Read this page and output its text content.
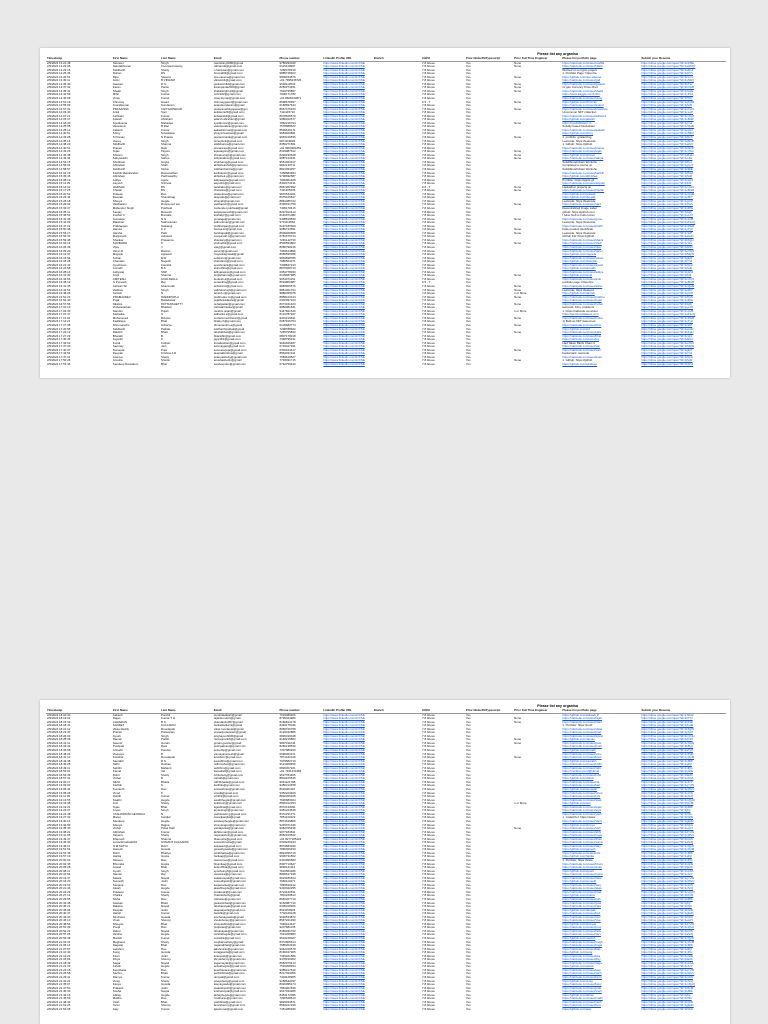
Please list any organisa
Timestamp	First Name	Last Name	Email	Phone number	LinkedIn Profile URL	Branch	CGPA	Prior Node/JS/Typescript	Prior Full Time Engineer	Please list portfolio page	Submit your Resume
2/9/2024 13:21:48	Navneet	Singh	navsdsingh080@gmail	9780290040	https://www.linkedin.com/in/CSE		7.8 Above	Yes	None	https://naticode.com/user/navNE	https://drive.google.com/open?id=1CDBe
2/9/2024 13:22:06	Nandakhumar	Koonpannasamy	nikinanda@gmail.com	6115419987	https://www.linkedin.com/in/CSE		7.8 Above	Yes	None	https://naticode.com/user/Nikhil	https://drive.google.com/open?id=1aH5Qz
2/9/2024 13:23:15	Siddharth	Shetty	n.hanswan@gmail.com	7268478319	https://www.linkedin.com/in/CSE		7.8 Above	Yes		Worked on a crypto project	https://drive.google.com/open?id=1eRoF
2/9/2024 13:25:36	Rohan	RS	hrsonal93@gmail.com	9885748403	https://www.linkedin.com/in/CSE		7.8 Above	Yes		1. Portfolio Page: https://ta	https://drive.google.com/open?id=1dX7v
2/9/2024 13:26:51	Ripe	Saxena	ripe.saxena@gmail.com	9806154876	https://www.linkedin.com/in/CSE		7.8 Above	Yes	None	https://github.com/ripe.saxena	https://drive.google.com/open?id=1hLmc
2/9/2024 13:30:11	GALI	B VIKRAM	vikramb4@gmail.com	+91 7995236726	https://www.linkedin.com/in/CSE		7.8 Above	Yes		https://naticode.com/user/gali	https://drive.google.com/open?id=1sNbQ
2/9/2024 13:36:40	Gautam	R.S	gautamrs84@gmail.com	9618113633	https://www.linkedin.com/in/CSE		7.8 Above	Yes	None	https://naticode.com/user/gautam	https://drive.google.com/open?id=1kTxz
2/9/2024 13:37:32	Karan	Panta	karanpanta2000@gmail	8250373451	https://www.linkedin.com/in/CSE		7.8 Above	Yes	None	Crypto Currency Price Pred	https://drive.google.com/open?id=1bVwD
2/9/2024 13:39:32	Shakti	Singh	shaktisingh123@gmail	7619735857	https://www.linkedin.com/in/CSE		7.8 Above	Yes	None	https://naticode.com/user/shakti	https://drive.google.com/open?id=1rGqE
2/9/2024 13:42:59	Mihir	Kumar	mihirk22@gmail.com	7006171782	https://www.linkedin.com/in/CSE		7.8 Above	Yes		https://www.kaggle.com/mihir	https://drive.google.com/open?id=1yPzA
2/9/2024 13:46:08	Vinay	Kumar	vinay.kumar@gmail.com	+91 8608134871	https://www.linkedin.com/in/CSE		7.8 Above	Yes		https://naticode.com/user/vinay	https://drive.google.com/open?id=1fWtY
2/9/2024 13:51:19	Chinmay	Gaurd	chinmaygaurd@gmail.com	8098678357	https://www.linkedin.com/in/CSE		6.5 - 7	Yes	None	https://github.com/chinmay	https://drive.google.com/open?id=1qKdM
2/9/2024 13:55:03	Anandkumar	Sundaram	anandsundaram@gmail	6168697644	https://www.linkedin.com/in/CSE		7.8 Above	Yes		https://naticode.com/user/anand	https://drive.google.com/open?id=1jSrB
2/9/2024 13:57:31	PRASANNA	CHITGOPEKAR	prasannachitgopekar@gm	8667475160	https://www.linkedin.com/in/CSE		7.8 Above	Yes	None	https://naticode.com/user/prasanna	https://drive.google.com/open?id=1uXeN
2/9/2024 14:03:40	Ankit	Soni	ankitsoni23@gmail.com	7411115710	https://www.linkedin.com/in/CSE		7.8 Above	Yes		Uncommon NFT collection	https://drive.google.com/open?id=1cLoP
2/9/2024 14:07:21	Ashwani	Kumar	ashwanik9@gmail.com	8678525579	https://www.linkedin.com/in/CSE		7.8 Above	Yes		https://naticode.com/user/ashwani	https://drive.google.com/open?id=1mHgT
2/9/2024 14:15:37	Adarsh	Abraham	adarsh.abraham@gmail	9086222577	https://www.linkedin.com/in/CSE		7.8 Above	Yes		https://github.com/adarsh	https://drive.google.com/open?id=1vBnR
2/9/2024 14:18:40	Syedkumar	Mahadeo	syedkumar@gmail.com	7862216794	https://www.linkedin.com/in/CSE		7.8 Above	Yes	None	https://syedabhasen.in	https://drive.google.com/open?id=1gYuI
2/9/2024 14:25:05	Vasudeva	B Rao	vasudevabrao@gmail.com	7578988622	https://www.linkedin.com/in/CSE		7.8 Above	Yes		Solidity based blockchain	https://drive.google.com/open?id=1zQwE
2/9/2024 14:28:12	Aakash	Kumar	aakashkumar@gmail.com	8596649171	https://www.linkedin.com/in/CSE		7.8 Above	Yes		https://naticode.com/user/aakash	https://drive.google.com/open?id=1pLkJ
2/9/2024 14:30:51	Shrey	Srivastava	shreysrivastava@gmail	9683460801	https://www.linkedin.com/in/CSE		7.8 Above	Yes		https://github.com/shrey	https://drive.google.com/open?id=1nMbV
2/9/2024 14:33:28	S Pranav	N Pranav	pranavsnaidu@gmail.com	9653416836	https://www.linkedin.com/in/CSE		7.8 Above	Yes	None	1. portfolio: gcalanzing	https://drive.google.com/open?id=1tRcX
2/9/2024 14:35:14	Honey	Singh	honeybs2@gmail.com	6871119093	https://www.linkedin.com/in/CSE		7.8 Above	Yes		Leetcode: https://leetcode	https://drive.google.com/open?id=1wEsD
2/9/2024 14:38:23	Siddharth	Sharma	siddsharma@gmail.com	8356271561	https://www.linkedin.com/in/CSE		7.8 Above	Yes		1. Github: https://github	https://drive.google.com/open?id=1aZxC
2/9/2024 14:40:51	Pranav	Raju	pranavraju@gmail.com	+91 9900481651	https://www.linkedin.com/in/CSE		7.8 Above	Yes		https://naticode.com/user/pranav	https://drive.google.com/open?id=1bNmK
2/9/2024 14:43:26	Tejas	Tagore	tejastagore@gmail.com	8333987612	https://www.linkedin.com/in/CSE		7.8 Above	Yes	None	https://naticode.com/user/tejas	https://drive.google.com/open?id=1cVbG
2/9/2024 14:46:48	Shivam	Singh	shivamsingh@gmail.com	8200193648	https://www.linkedin.com/in/CSE		7.8 Above	Yes	None	https://github.com/shivam	https://drive.google.com/open?id=1dFgH
2/9/2024 14:49:34	Sabyasachi	Sahoo	sabyasahoo@gmail.com	9087123341	https://www.linkedin.com/in/CSE		7.8 Above	Yes	None	https://naticode.com/user/sabya	https://drive.google.com/open?id=1eJkL
2/9/2024 14:53:15	Shubham	Gupta	shubhamg@gmail.com	9551923317	https://www.linkedin.com/in/CSE		7.8 Above	Yes		Solid/SmartChain Worksho	https://drive.google.com/open?id=1fPoI
2/9/2024 14:55:04	Abhishek	Shah	abhishekshah@gmail.com	9842130711	https://www.linkedin.com/in/CSE		7.8 Above	Yes		Completed a course on	https://drive.google.com/open?id=1gUyT
2/9/2024 14:58:57	Siddharth	Sinha	siddharthsinha@gmail	8821093257	https://www.linkedin.com/in/CSE		7.8 Above	Yes		Solid/SmartChain Worksho	https://drive.google.com/open?id=1hRtE
2/9/2024 15:02:19	Karthik Manikandan	Ramanathan	karthikram@gmail.com	7358683484	https://www.linkedin.com/in/CSE		7.8 Above	Yes		https://naticode.com/user/karthik	https://drive.google.com/open?id=1iWqA
2/9/2024 15:05:46	Abhishek	Parthasarthy	abhishek.p@gmail.com	9738932587	https://www.linkedin.com/in/CSE		7.8 Above	Yes		https://github.com/abhishek	https://drive.google.com/open?id=1jSdF
2/9/2024 15:08:13	Aditya	Apple	adityaapple@gmail.com	7909961468	https://www.linkedin.com/in/CSE		7.8 Above	Yes		Portfolio: https://apple.git	https://drive.google.com/open?id=1kGhJ
2/9/2024 15:11:39	Aayush	Srinivas	aayushs@gmail.com	8402474131	https://www.linkedin.com/in/CSE		7.8 Above	Yes		https://naticode.com/user/aayush	https://drive.google.com/open?id=1lKlZ
2/9/2024 15:14:02	HARSHA	BS	harshabs@gmail.com	8867262992	https://www.linkedin.com/in/CSE		6.5 - 7	Yes	None	Hackathon projects on	https://drive.google.com/open?id=1mXcV
2/9/2024 15:17:25	Chetan	BS	chetanbs@gmail.com	7411225436	https://www.linkedin.com/in/CSE		7.8 Above	Yes	None	https://naticode.com/user/chetan	https://drive.google.com/open?id=1nBnM
2/9/2024 15:20:51	Prateek	Rao	prateekrao@gmail.com	9876543201	https://www.linkedin.com/in/CSE		7.8 Above	Yes		https://github.com/prateek	https://drive.google.com/open?id=1oQwE
2/9/2024 15:23:44	Deepak	Shambhag	deepaks@gmail.com	8075165817	https://www.linkedin.com/in/CSE		7.8 Above	Yes		https://github.com/deepak	https://drive.google.com/open?id=1pRtY
2/9/2024 15:26:18	Shreya	Hegde	shreyah@gmail.com	8861485722	https://www.linkedin.com/in/CSE		7.8 Above	Yes		Leetcode: https://leetcode	https://drive.google.com/open?id=1qUiO
2/9/2024 15:29:02	Vaidharam	Roopa ravi sai	vaidharam@gmail.com	8335151759	https://www.linkedin.com/in/CSE		7.8 Above	Yes	None	https://naticode.com/user/vaid	https://drive.google.com/open?id=1rPaS
2/9/2024 15:32:37	Mahender Singh	Pokhwal	mahender.pokhwal@gmail	7406170416	https://www.linkedin.com/in/CSE		7.8 Above	Yes		Decentralized Image Label	https://drive.google.com/open?id=1sDfG
2/9/2024 15:35:11	Sanjay	Ramesh	sanjayramesh@gmail.com	8297912413	https://www.linkedin.com/in/CSE		7.8 Above	Yes		github: https://github.com	https://drive.google.com/open?id=1tHjK
2/9/2024 15:38:53	Kushal Yr	Bonsale	kushalyr@gmail.com	8146071082	https://www.linkedin.com/in/CSE		7.8 Above	Yes		I have built a multi-curren	https://drive.google.com/open?id=1uLzX
2/9/2024 15:41:36	Gunateja	N.G	gunateja@gmail.com	9408819530	https://www.linkedin.com/in/CSE		7.8 Above	Yes	None	https://naticode.com/user/guna	https://drive.google.com/open?id=1vCvB
2/9/2024 15:44:09	Rakshan	Sathuraman	sathuraman@gmail.com	9701113564	https://www.linkedin.com/in/CSE		7.8 Above	Yes		Leetcode: https://leetcode	https://drive.google.com/open?id=1wNmQ
2/9/2024 15:47:22	Prabhanjan	Satkangi	prabhanjan@gmail.com	6197180509	https://www.linkedin.com/in/CSE		7.8 Above	Yes		https://naticode.com/user/prabh	https://drive.google.com/open?id=1xWeR
2/9/2024 15:50:48	Hamsa	K.C	hamsa.kc@gmail.com	9086723591	https://www.linkedin.com/in/CSE		7.8 Above	Yes	None	Fake product identificati	https://drive.google.com/open?id=1yTyU
2/9/2024 15:53:17	Harsha	Patil	harshapatil@gmail.com	8609466568	https://www.linkedin.com/in/CSE		7.8 Above	Yes	None	Leetcode: https://leetcode	https://drive.google.com/open?id=1zIoP
2/9/2024 15:56:33	Manjunath	Ashwani	manjunath.a@gmail.com	8781676744	https://www.linkedin.com/in/CSE		7.8 Above	Yes		Github link: https://github	https://drive.google.com/open?id=1aAsD
2/9/2024 15:59:48	Shankar	Prasanna	shankarp@gmail.com	7240142730	https://www.linkedin.com/in/CSE		7.8 Above	Yes		https://naticode.com/user/shank	https://drive.google.com/open?id=1bFgH
2/9/2024 16:02:14	SHUBODH	K	shubodhk@gmail.com	8506594863	https://www.linkedin.com/in/CSE		7.8 Above	Yes	None	https://naticode.com/user/shub	https://drive.google.com/open?id=1cJkL
2/9/2024 16:05:49	Vijay	J	vijayj@gmail.com	8080798216	https://www.linkedin.com/in/CSE		7.8 Above	Yes		https://naticode.com/user/vijay	https://drive.google.com/open?id=1dZxC
2/9/2024 16:09:20	Varun R	Raman	varunr@gmail.com	7349164896	https://www.linkedin.com/in/CSE		7.8 Above	Yes		https://naticode.com/user/varun	https://drive.google.com/open?id=1eVbN
2/9/2024 16:12:37	Mayank	Agrawal	mayankagrawal@gmail	8686596386	https://www.linkedin.com/in/CSE		7.8 Above	Yes		https://github.com/mayank	https://drive.google.com/open?id=1fMqW
2/9/2024 16:15:54	Sohan	M R	sohanmr@gmail.com	9863838785	https://www.linkedin.com/in/CSE		7.8 Above	Yes		https://naticode.com/user/sohan	https://drive.google.com/open?id=1gErT
2/9/2024 16:18:26	Chandan	Nagesh	chandann@gmail.com	7986563271	https://www.linkedin.com/in/CSE		7.8 Above	Yes		https://github.com/chandan	https://drive.google.com/open?id=1hYuI
2/9/2024 16:21:43	Ayushman	Kaushik	ayushmank@gmail.com	7308847213	https://www.linkedin.com/in/CSE		7.8 Above	Yes		https://naticode.com/user/ayush	https://drive.google.com/open?id=1iOpA
2/9/2024 16:24:58	Anirudh	B.S	anirudhbs@gmail.com	8870068713	https://www.linkedin.com/in/CSE		7.8 Above	Yes		https://github.com/anirudh	https://drive.google.com/open?id=1jSdF
2/9/2024 16:28:13	Adityaraj	SNP	adityarajsnp@gmail.com	6381778933	https://www.linkedin.com/in/CSE		7.8 Above	Yes		https://naticode.com/user/aditya	https://drive.google.com/open?id=1kGhJ
2/9/2024 16:31:40	Amjit	Sharma	amjitsharma@gmail.com	6105487985	https://www.linkedin.com/in/CSE		7.8 Above	Yes	None	https://github.com/amjit	https://drive.google.com/open?id=1lKlZ
2/9/2024 16:34:56	AMITESH	ACHLIWALA	amitesh.a@gmail.com	9651071151	https://www.linkedin.com/in/CSE		7.8 Above	Yes		https://naticode.com/user/amit	https://drive.google.com/open?id=1mXcV
2/9/2024 16:38:19	G Puneeth	Raj	puneethraj@gmail.com	8619800987	https://www.linkedin.com/in/CSE		6.5 - 7	Yes		portfolio page: https://pu	https://drive.google.com/open?id=1nBnM
2/9/2024 16:41:35	Ashwini Sri	Shanmukh	ashwinisri@gmail.com	9848006576	https://www.linkedin.com/in/CSE		7.8 Above	Yes	None	https://naticode.com/user/ashw	https://drive.google.com/open?id=1oQwE
2/9/2024 16:44:52	Vaibhav	Singh	vaibhavsingh@gmail.com	8861061794	https://www.linkedin.com/in/CSE		7.8 Above	Yes	None	Leetcode: https://leetcod	https://drive.google.com/open?id=1pRtY
2/9/2024 16:48:06	Tarnish	N	tarnish.n@gmail.com	9886455078	https://www.linkedin.com/in/CSE		7.8 Above	Yes	1 or More	https://github.com/tarnish	https://drive.google.com/open?id=1qUiO
2/9/2024 16:51:23	PRABHUDEV	MADDIPATLA	prabhudev.m@gmail.com	8858413134	https://www.linkedin.com/in/CSE		7.8 Above	Yes	None	https://naticode.com/user/prabhu	https://drive.google.com/open?id=1rPaS
2/9/2024 16:54:40	Pujal	Bokadawar	pujalbokadawar@gmail	6302097103	https://www.linkedin.com/in/CSE		7.8 Above	Yes		https://naticode.com/user/pujal	https://drive.google.com/open?id=1sDfG
2/9/2024 16:57:56	NEHAL	PATTANSHETTY	nehalpattan@gmail.com	8073341403	https://www.linkedin.com/in/CSE		7.8 Above	Yes	None	https://naticode.com/user/nehal	https://drive.google.com/open?id=1tHjK
2/9/2024 17:01:13	Vishwanathan	Bhaskar	vishwabhaskar@gmail	9880081631	https://www.linkedin.com/in/CSE		7.8 Above	Yes		leetcode: 101+ problems	https://drive.google.com/open?id=1uLzX
2/9/2024 17:04:30	Nandini	Pujari	nandini.pujari@gmail	9447821546	https://www.linkedin.com/in/CSE		7.8 Above	Yes	1 or More	1. https://naticode.com/user	https://drive.google.com/open?id=1vCvB
2/9/2024 17:07:47	Sathwika	S	sathwika.s@gmail.com	6131787327	https://www.linkedin.com/in/CSE		7.8 Above	Yes		https://amazondatasets.com	https://drive.google.com/open?id=1wNmQ
2/9/2024 17:11:04	Mohammed	Rizwan	mohammedrizwan@gmail	9301219641	https://www.linkedin.com/in/CSE		7.8 Above	Yes	None	https://naticode.com/user/moha	https://drive.google.com/open?id=1xWeR
2/9/2024 17:14:21	Kadhilaya	Bhat	bhatk.ch@gmail.com	6087916754	https://www.linkedin.com/in/CSE		7.8 Above	Yes		1) Built an NFT based soc	https://drive.google.com/open?id=1yTyU
2/9/2024 17:17:38	Dhrumanshu	Acharya	dhrumanshu.a@gmail	6106683774	https://www.linkedin.com/in/CSE		7.8 Above	Yes	None	https://naticode.com/user/dhru	https://drive.google.com/open?id=1zIoP
2/9/2024 17:20:55	Siddharth	Pathak	siddharthpathak@gmail	7298788922	https://www.linkedin.com/in/CSE		7.8 Above	Yes		https://github.com/sid	https://drive.google.com/open?id=1aAsD
2/9/2024 17:24:12	Rakshit	Bhatt	rakshitbhatt@gmail.com	7265765833	https://www.linkedin.com/in/CSE		7.8 Above	Yes	None	https://naticode.com/user/raks	https://drive.google.com/open?id=1bFgH
2/9/2024 17:27:29	Bharath	B	bharathb@gmail.com	6807178318	https://www.linkedin.com/in/CSE		7.8 Above	Yes		https://naticode.com/user/bhar	https://drive.google.com/open?id=1cJkL
2/9/2024 17:30:46	Jayanth	K	jayanthk@gmail.com	7348795131	https://www.linkedin.com/in/CSE		7.8 Above	Yes		https://naticode.com/user/jay	https://drive.google.com/open?id=1dZxC
2/9/2024 17:34:03	Kunal	Kothari	kunalkothari@gmail.com	9649945487	https://www.linkedin.com/in/CSE		7.8 Above	Yes		Had Taken Block Chain C	https://drive.google.com/open?id=1eVbN
2/9/2024 17:37:20	Sanmay	Jain	sanmayjain@gmail.com	6749427191	https://www.linkedin.com/in/CSE		7.8 Above	Yes		https://naticode.com/user/san	https://drive.google.com/open?id=1fMqW
2/9/2024 17:40:37	Sumeeta	Puja	sumeetapuja@gmail.com	6303344417	https://www.linkedin.com/in/CSE		7.8 Above	Yes	None	https://naticode.com/user/sum	https://drive.google.com/open?id=1gErT
2/9/2024 17:43:54	Deepak	Krishna A R	deepakkrishna@gmail	8863031911	https://www.linkedin.com/in/CSE		7.8 Above	Yes		hackerrank, leetcode	https://drive.google.com/open?id=1hYuI
2/9/2024 17:47:11	Ananya	Shetty	ananyashetty@gmail.com	7584619527	https://www.linkedin.com/in/CSE		7.8 Above	Yes		https://naticode.com/user/anan	https://drive.google.com/open?id=1iOpA
2/9/2024 17:50:28	Anusha	Sherlin	anushasherlin@gmail	7748491715	https://www.linkedin.com/in/CSE		7.8 Above	Yes	None	1. Github: https://github	https://drive.google.com/open?id=1jSdF
2/9/2024 17:53:45	Sandeep Ramakum	Bhat	sandeepram@gmail.com	6762759440	https://www.linkedin.com/in/CSE		7.8 Above	Yes		https://github.com/sandeep	https://drive.google.com/open?id=1kGhJ
Please list any organisa
Timestamp	First Name	Last Name	Email	Phone number	LinkedIn Profile URL	Branch	CGPA	Prior Node/JS/Typescript	Prior Full Time Engineer	Please list portfolio page	Submit your Resume
2/9/2024 18:10:40	Aakash	Purohit	purohitaakash@gmail	7019480926	https://www.linkedin.com/in/CSE		7.8 Above	Yes		https://github.com/Aakash_P	https://drive.google.com/open?id=1TD02
2/9/2024 18:13:02	Rajan	Kumar T H	rajankumarth@gmail	8795424980	https://www.linkedin.com/in/CSE		7.8 Above	Yes	None	https://naticode.com/user/rajan	https://drive.google.com/open?id=1hTzz
2/9/2024 18:15:33	CHANDAN	B S	chandanbs007@gmail	8180814178	https://www.linkedin.com/in/CSE		7.8 Above	Yes	None	https://naticode.com/user/chan	https://drive.google.com/open?id=1k1Wr
2/9/2024 18:18:41	SANKET	KULKARNI	sanketkulkarni@gmail	8494175046	https://www.linkedin.com/in/CSE		7.8 Above	Yes		1. Portfolio: https://portf	https://drive.google.com/open?id=1XsHk
2/9/2024 18:21:12	Vikas Reddy	Rooolapati	vikas.rooolapati@gmail	8066726758	https://www.linkedin.com/in/CSE		7.8 Above	Yes		https://naticode.com/user/vikas	https://drive.google.com/open?id=1h5gW
2/9/2024 18:23:47	Pranav	Polavaram	pranavpolavaram@gmail	6123432886	https://www.linkedin.com/in/CSE		7.8 Above	Yes		https://naticode.com/user/pran	https://drive.google.com/open?id=1pKiO
2/9/2024 18:26:03	Ayush	Singh	singhayush636@gmail	6826019048	https://www.linkedin.com/in/CSE		7.8 Above	Yes		https://naticode.com/user/ayush	https://drive.google.com/open?id=1mVnH
2/9/2024 18:28:39	Naman	Parikh	namanparikh@gmail.com	9148219863	https://www.linkedin.com/in/CSE		7.8 Above	Yes	None	https://github.com/naman	https://drive.google.com/open?id=1d7Rf
2/9/2024 18:31:11	Gaurav	Gorain	gorain.gaurav@gmail	9897311044	https://www.linkedin.com/in/CSE		7.8 Above	Yes	None	https://naticode.com/user/gaur	https://drive.google.com/open?id=1cXmE
2/9/2024 18:33:42	Pushpak	Raut	pushpakraut@gmail.com	8280138546	https://www.linkedin.com/in/CSE		7.8 Above	Yes		https://naticode.com/user/push	https://drive.google.com/open?id=1bBgL
2/9/2024 18:36:08	Anirudh	Pandey	anirudhp@gmail.com	7337980933	https://www.linkedin.com/in/CSE		7.8 Above	Yes		https://github.com/anirudh	https://drive.google.com/open?id=1aTyP
2/9/2024 18:38:21	Vismaya	R	vismayaramesh@gmail	6696363371	https://www.linkedin.com/in/CSE		7.8 Above	Yes		https://naticode.com/user/vism	https://drive.google.com/open?id=1zPqR
2/9/2024 18:41:10	Koushal	Rooolapati	koushal.r@gmail.com	7871442126	https://www.linkedin.com/in/CSE		7.8 Above	Yes	None	https://naticode.com/user/kous	https://drive.google.com/open?id=1yOnM
2/9/2024 18:43:48	Saurabh	R.S	saurabhrs@gmail.com	7979582719	https://www.linkedin.com/in/CSE		7.8 Above	Yes		https://github.com/saurabh	https://drive.google.com/open?id=1xMlK
2/9/2024 18:46:25	Nidhi	Roshan	nidhiroshan@gmail.com	9121308456	https://www.linkedin.com/in/CSE		7.8 Above	Yes		https://naticode.com/user/nidhi	https://drive.google.com/open?id=1wKjI
2/9/2024 18:49:11	Sahithi	Mahanti	sahithim@gmail.com	6826307161	https://www.linkedin.com/in/CSE		7.8 Above	Yes		https://naticode.com/user/sahi	https://drive.google.com/open?id=1vIhG
2/9/2024 18:52:04	Kamal	rati	kamalrati@gmail.com	+91 7341231283	https://www.linkedin.com/in/CSE		7.8 Above	Yes		https://medium.com/@kamal	https://drive.google.com/open?id=1uGfE
2/9/2024 18:54:49	Rohit	Shetty	rohitshetty@gmail.com	9527784465	https://www.linkedin.com/in/CSE		7.8 Above	Yes		https://naticode.com/user/rohit	https://drive.google.com/open?id=1tEdC
2/9/2024 18:57:31	Vishal	B	vishalb@gmail.com	8804105545	https://www.linkedin.com/in/CSE		7.8 Above	Yes		https://github.com/vishal	https://drive.google.com/open?id=1sCbA
2/9/2024 19:00:17	Nikhil	Bhatia	nikhilbhatia@gmail.com	9661121788	https://www.linkedin.com/in/CSE		7.8 Above	Yes		https://naticode.com/user/nik	https://drive.google.com/open?id=1rAzY
2/9/2024 19:03:02	Karthik	S	karthiks@gmail.com	9486213458	https://www.linkedin.com/in/CSE		7.8 Above	Yes		https://naticode.com/user/kart	https://drive.google.com/open?id=1qYxW
2/9/2024 19:05:44	Sumanth	Rao	sumanthrao@gmail.com	8616301116	https://www.linkedin.com/in/CSE		7.8 Above	Yes		https://github.com/sumanth	https://drive.google.com/open?id=1pWvU
2/9/2024 19:08:26	Vinod	K	vinodk@gmail.com	9352223469	https://www.linkedin.com/in/CSE		7.8 Above	Yes		https://naticode.com/user/vinod	https://drive.google.com/open?id=1oUtS
2/9/2024 19:11:09	Rohith	Kumar	rohithk@gmail.com	8832455328	https://www.linkedin.com/in/CSE		7.8 Above	Yes		https://naticode.com/user/rohi	https://drive.google.com/open?id=1nSrQ
2/9/2024 19:13:55	Swathi	Hegde	swathihegde@gmail.com	7936683024	https://www.linkedin.com/in/CSE		7.8 Above	Yes		https://naticode.com/user/swat	https://drive.google.com/open?id=1mQpO
2/9/2024 19:16:38	Anil	Shetty	anilshetty@gmail.com	8830012254	https://www.linkedin.com/in/CSE		7.8 Above	Yes	1 or More	https://github.com/anil	https://drive.google.com/open?id=1lOnM
2/9/2024 19:19:21	Tejas	Bhat	tejasbhat@gmail.com	8672133091	https://www.linkedin.com/in/CSE		7.8 Above	Yes		https://naticode.com/user/tejas	https://drive.google.com/open?id=1kMlK
2/9/2024 19:22:07	Aryan	Singh	aryansingh@gmail.com	9081224546	https://www.linkedin.com/in/CSE		7.8 Above	Yes		https://naticode.com/user/arya	https://drive.google.com/open?id=1jKjI
2/9/2024 19:24:48	YASHASWINI GEORGIA	N	yashaswini.g@gmail.com	8372231771	https://www.linkedin.com/in/CSE		7.8 Above	Yes		https://naticode.com/user/yash	https://drive.google.com/open?id=1iIhG
2/9/2024 19:27:33	Manoj	Kanjilal	manojkanjilal@gmail	7851130423	https://www.linkedin.com/in/CSE		7.8 Above	Yes		1. CodeChef: https://www	https://drive.google.com/open?id=1hGfE
2/9/2024 19:30:14	Sandeep	Hegde	sandeephegde@gmail.com	8871639866	https://www.linkedin.com/in/CSE		7.8 Above	Yes		https://naticode.com/user/sand	https://drive.google.com/open?id=1gEdC
2/9/2024 19:32:59	Shreya	Rajput	shreyarajput@gmail.com	9245071346	https://www.linkedin.com/in/CSE		7.8 Above	Yes		https://github.com/shreya	https://drive.google.com/open?id=1fCbA
2/9/2024 19:35:40	Vishal	Pulsa Patil	vishalpulsa@gmail.com	9084705436	https://www.linkedin.com/in/CSE		7.8 Above	Yes	None	https://naticode.com/user/vish	https://drive.google.com/open?id=1eAzY
2/9/2024 19:38:22	Abhishek	Kumar	abhikumar@gmail.com	9077183811	https://www.linkedin.com/in/CSE		7.8 Above	Yes		https://naticode.com/user/abhi	https://drive.google.com/open?id=1dYxW
2/9/2024 19:41:05	Nayana	Shetty	nayanashetty@gmail.com	8662109542	https://www.linkedin.com/in/CSE		7.8 Above	Yes		https://naticode.com/user/naya	https://drive.google.com/open?id=1cWvU
2/9/2024 19:43:47	Dhanush	Sharma	dhanushs@gmail.com	+91 8277185124	https://www.linkedin.com/in/CSE		7.8 Above	Yes		https://naticode.com/user/dhan	https://drive.google.com/open?id=1bUtS
2/9/2024 19:46:30	sumanthrudra2001	SUMANT KULKARNI	sumanthrudra@gmail	6303225344	https://www.linkedin.com/in/CSE		7.8 Above	Yes		https://naticode.com/user/suma	https://drive.google.com/open?id=1aSrQ
2/9/2024 19:49:11	N M SATYA	RAVI	satyaravi@gmail.com	8879684040	https://www.linkedin.com/in/CSE		7.8 Above	Yes		https://naticode.com/user/saty	https://drive.google.com/open?id=1zQpO
2/9/2024 19:51:54	Ganesh	Gowda	ganeshgowda@gmail.com	7896409193	https://www.linkedin.com/in/CSE		7.8 Above	Yes		https://github.com/ganesh	https://drive.google.com/open?id=1yOnM
2/9/2024 19:54:36	Rohit	Bhatiya	rohitbhatiya@gmail.com	8824495719	https://www.linkedin.com/in/CSE		7.8 Above	Yes		https://naticode.com/user/rohi	https://drive.google.com/open?id=1xMlK
2/9/2024 19:57:19	Harika	Gupta	harikag@gmail.com	9600731562	https://www.linkedin.com/in/CSE		7.8 Above	Yes		https://github.com/harika	https://drive.google.com/open?id=1wKjI
2/9/2024 20:00:02	Naveen	Rao	naveenrao@gmail.com	6401996580	https://www.linkedin.com/in/CSE		7.8 Above	Yes		1. Portfolio: https://www	https://drive.google.com/open?id=1vIhG
2/9/2024 20:02:45	Bhumika	Gupta	bhumikag@gmail.com	8307713627	https://www.linkedin.com/in/CSE		7.8 Above	Yes		https://naticode.com/user/bhum	https://drive.google.com/open?id=1uGfE
2/9/2024 20:05:28	Anand	Bhat	anandbhat@gmail.com	9830121114	https://www.linkedin.com/in/CSE		7.8 Above	Yes		https://naticode.com/user/anan	https://drive.google.com/open?id=1tEdC
2/9/2024 20:08:11	Ayush	Singh	ayushsingh@gmail.com	7816563186	https://www.linkedin.com/in/CSE		7.8 Above	Yes		https://github.com/ayush	https://drive.google.com/open?id=1sCbA
2/9/2024 20:10:54	Naman	Raj	namanraj@gmail.com	8806617348	https://www.linkedin.com/in/CSE		7.8 Above	Yes		https://naticode.com/user/nama	https://drive.google.com/open?id=1rAzY
2/9/2024 20:13:37	Satwik	Nayak	satwiknayak@gmail.com	9623186644	https://www.linkedin.com/in/CSE		7.8 Above	Yes		https://naticode.com/user/satw	https://drive.google.com/open?id=1qYxW
2/9/2024 20:16:20	Sumedh	Joshi	sumedhjoshi@gmail.com	7960113271	https://www.linkedin.com/in/CSE		7.8 Above	Yes		https://github.com/sumedh	https://drive.google.com/open?id=1pWvU
2/9/2024 20:19:03	Sanjana	Rao	sanjanarao@gmail.com	7845530212	https://www.linkedin.com/in/CSE		7.8 Above	Yes		https://naticode.com/user/sanj	https://drive.google.com/open?id=1oUtS
2/9/2024 20:21:46	Akash	Hegde	akashhegde@gmail.com	9310042255	https://www.linkedin.com/in/CSE		7.8 Above	Yes		https://naticode.com/user/akas	https://drive.google.com/open?id=1nSrQ
2/9/2024 20:24:29	Pradeep	Kumar	pradeepk@gmail.com	8724120531	https://www.linkedin.com/in/CSE		7.8 Above	Yes		https://naticode.com/user/prad	https://drive.google.com/open?id=1mQpO
2/9/2024 20:27:12	Chaitra	Shetty	chaitrashetty@gmail	7801229813	https://www.linkedin.com/in/CSE		7.8 Above	Yes		https://github.com/chaitra	https://drive.google.com/open?id=1lOnM
2/9/2024 20:29:55	Nisha	Rao	nisharao@gmail.com	8946207710	https://www.linkedin.com/in/CSE		7.8 Above	Yes		https://naticode.com/user/nish	https://drive.google.com/open?id=1kMlK
2/9/2024 20:32:38	Gautam	Bhatt	gautambhatt@gmail.com	9152087743	https://www.linkedin.com/in/CSE		7.8 Above	Yes		https://naticode.com/user/gaut	https://drive.google.com/open?id=1jKjI
2/9/2024 20:35:21	Raksha	Nayak	rakshanayak@gmail.com	6305318266	https://www.linkedin.com/in/CSE		7.8 Above	Yes		https://naticode.com/user/raks	https://drive.google.com/open?id=1iIhG
2/9/2024 20:38:04	Deepak	Joshi	deepakjoshi@gmail.com	8631150924	https://www.linkedin.com/in/CSE		7.8 Above	Yes		https://github.com/deepak	https://drive.google.com/open?id=1hGfE
2/9/2024 20:40:47	Harish	Kumar	harishk@gmail.com	7702449128	https://www.linkedin.com/in/CSE		7.8 Above	Yes		https://naticode.com/user/hari	https://drive.google.com/open?id=1gEdC
2/9/2024 20:43:30	Sinchana	Gowda	sinchanagowda@gmail	9016534872	https://www.linkedin.com/in/CSE		7.8 Above	Yes		https://naticode.com/user/sinc	https://drive.google.com/open?id=1fCbA
2/9/2024 20:46:13	Vivek	Shenoy	vivekshenoy@gmail.com	8547221390	https://www.linkedin.com/in/CSE		7.8 Above	Yes		https://naticode.com/user/vive	https://drive.google.com/open?id=1eAzY
2/9/2024 20:48:56	Shreyas	Bhat	shreyasbhat@gmail.com	7993104427	https://www.linkedin.com/in/CSE		7.8 Above	Yes		https://github.com/shreyas	https://drive.google.com/open?id=1dYxW
2/9/2024 20:51:39	Pooja	Rao	poojarao@gmail.com	9207681135	https://www.linkedin.com/in/CSE		7.8 Above	Yes		https://naticode.com/user/pooj	https://drive.google.com/open?id=1cWvU
2/9/2024 20:54:22	Rahul	Nayak	rahulnayak@gmail.com	8459031762	https://www.linkedin.com/in/CSE		7.8 Above	Yes		https://naticode.com/user/rahu	https://drive.google.com/open?id=1bUtS
2/9/2024 20:57:05	Varsha	Hegde	varshahegde@gmail.com	7621450983	https://www.linkedin.com/in/CSE		7.8 Above	Yes		https://naticode.com/user/vars	https://drive.google.com/open?id=1aSrQ
2/9/2024 20:59:48	Manish	Kumar	manishk@gmail.com	9534168027	https://www.linkedin.com/in/CSE		7.8 Above	Yes		https://github.com/manish	https://drive.google.com/open?id=1zQpO
2/9/2024 21:02:31	Meghana	Shetty	meghanashetty@gmail	8372905614	https://www.linkedin.com/in/CSE		7.8 Above	Yes		https://naticode.com/user/megh	https://drive.google.com/open?id=1yOnM
2/9/2024 21:05:14	Nagaraj	Bhat	nagarajbhat@gmail.com	7685203349	https://www.linkedin.com/in/CSE		7.8 Above	Yes		https://naticode.com/user/naga	https://drive.google.com/open?id=1xMlK
2/9/2024 21:07:57	Lakshmi	Rao	lakshmirao@gmail.com	9042316578	https://www.linkedin.com/in/CSE		7.8 Above	Yes		https://naticode.com/user/laks	https://drive.google.com/open?id=1wKjI
2/9/2024 21:10:40	Suraj	Gowda	surajgowda@gmail.com	8190437265	https://www.linkedin.com/in/CSE		7.8 Above	Yes		https://github.com/suraj	https://drive.google.com/open?id=1vIhG
2/9/2024 21:13:23	Kiran	Joshi	kiranjoshi@gmail.com	7349021586	https://www.linkedin.com/in/CSE		7.8 Above	Yes		https://naticode.com/user/kira	https://drive.google.com/open?id=1uGfE
2/9/2024 21:16:06	Divya	Shenoy	divyashenoy@gmail.com	9478150362	https://www.linkedin.com/in/CSE		7.8 Above	Yes		https://naticode.com/user/divy	https://drive.google.com/open?id=1tEdC
2/9/2024 21:18:49	Sagar	Nayak	sagarnayak@gmail.com	8652079413	https://www.linkedin.com/in/CSE		7.8 Above	Yes		https://naticode.com/user/saga	https://drive.google.com/open?id=1sCbA
2/9/2024 21:21:32	Ashok	Hegde	ashokhegde@gmail.com	7516308294	https://www.linkedin.com/in/CSE		7.8 Above	Yes		https://github.com/ashok	https://drive.google.com/open?id=1rAzY
2/9/2024 21:24:15	Keerthana	Rao	keerthanarao@gmail.com	9385217640	https://www.linkedin.com/in/CSE		7.8 Above	Yes		https://naticode.com/user/keer	https://drive.google.com/open?id=1qYxW
2/9/2024 21:26:58	Sachin	Bhatt	sachinbhatt@gmail.com	8217493056	https://www.linkedin.com/in/CSE		7.8 Above	Yes		https://naticode.com/user/sach	https://drive.google.com/open?id=1pWvU
2/9/2024 21:29:41	Ramya	Kumar	ramyak@gmail.com	7403128965	https://www.linkedin.com/in/CSE		7.8 Above	Yes		https://naticode.com/user/ramy	https://drive.google.com/open?id=1oUtS
2/9/2024 21:32:24	Vinay	Shetty	vinayshetty@gmail.com	9158642037	https://www.linkedin.com/in/CSE		7.8 Above	Yes		https://github.com/vinay	https://drive.google.com/open?id=1nSrQ
2/9/2024 21:35:07	Kavya	Gowda	kavyagowda@gmail.com	8026395174	https://www.linkedin.com/in/CSE		7.8 Above	Yes		https://naticode.com/user/kavy	https://drive.google.com/open?id=1mQpO
2/9/2024 21:37:50	Prakash	Joshi	prakashjoshi@gmail.com	7864201539	https://www.linkedin.com/in/CSE		7.8 Above	Yes		https://naticode.com/user/prak	https://drive.google.com/open?id=1lOnM
2/9/2024 21:40:33	Sneha	Nayak	snehanayak@gmail.com	9617340285	https://www.linkedin.com/in/CSE		7.8 Above	Yes		https://naticode.com/user/sneh	https://drive.google.com/open?id=1kMlK
2/9/2024 21:43:16	Abhay	Hegde	abhayhegde@gmail.com	8453172096	https://www.linkedin.com/in/CSE		7.8 Above	Yes		https://github.com/abhay	https://drive.google.com/open?id=1jKjI
2/9/2024 21:45:59	Madhu	Rao	madhurao@gmail.com	7290548613	https://www.linkedin.com/in/CSE		7.8 Above	Yes		https://naticode.com/user/madh	https://drive.google.com/open?id=1iIhG
2/9/2024 21:48:42	Yash	Bhat	yashbhat@gmail.com	9826034571	https://www.linkedin.com/in/CSE		7.8 Above	Yes		https://naticode.com/user/yash	https://drive.google.com/open?id=1hGfE
2/9/2024 21:51:25	Tanvi	Shenoy	tanvishenoy@gmail.com	8563017249	https://www.linkedin.com/in/CSE		7.8 Above	Yes		https://naticode.com/user/tanv	https://drive.google.com/open?id=1gEdC
2/9/2024 21:54:08	Ajay	Kumar	ajaykumar@gmail.com	7451286930	https://www.linkedin.com/in/CSE		7.8 Above	Yes		https://github.com/ajay	https://drive.google.com/open?id=1fCbA
